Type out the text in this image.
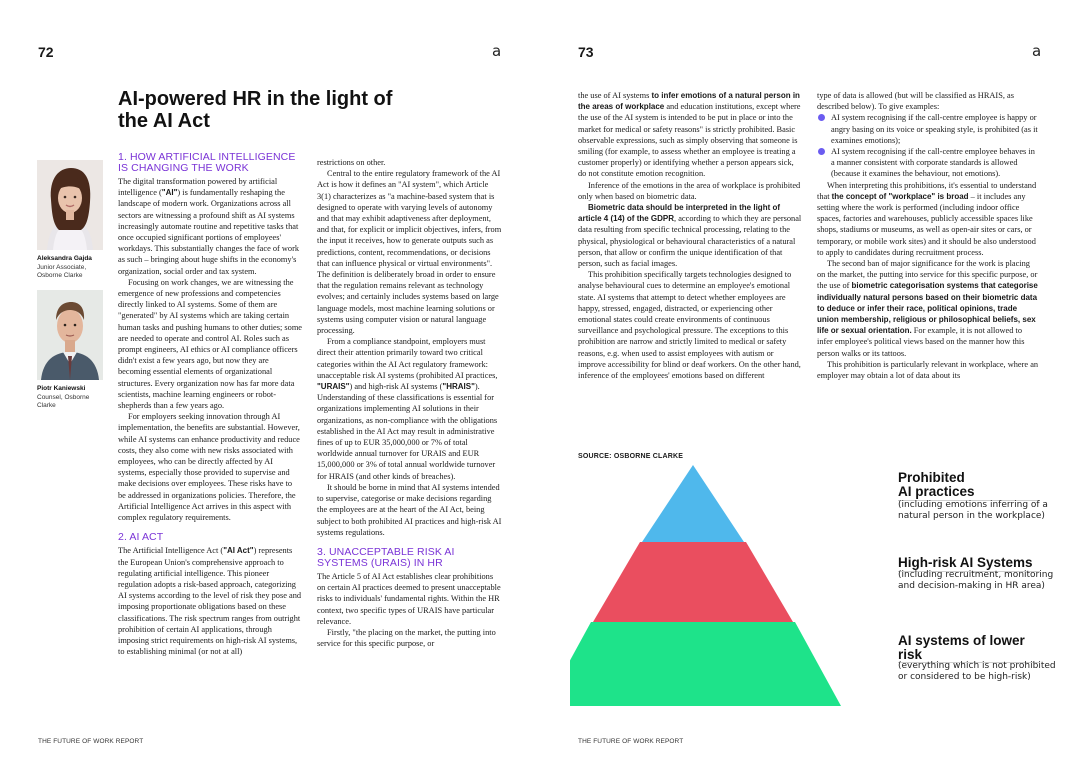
72	a
AI-powered HR in the light of the AI Act
Aleksandra Gajda
Junior Associate,
Osborne Clarke
Piotr Kaniewski
Counsel, Osborne
Clarke
1. HOW ARTIFICIAL INTELLIGENCE IS CHANGING THE WORK

The digital transformation powered by artificial intelligence ("AI") is fundamentally reshaping the landscape of modern work. Organizations across all sectors are witnessing a profound shift as AI systems increasingly automate routine and repetitive tasks that once occupied significant portions of employees' workdays. This substantially changes the face of work as such – bringing about huge shifts in the economy's organization, social order and tax system.

Focusing on work changes, we are witnessing the emergence of new professions and competencies directly linked to AI systems. Some of them are "generated" by AI systems which are taking certain human tasks and pushing humans to other duties; some are needed to operate and control AI. Roles such as prompt engineers, AI ethics or AI compliance officers didn't exist a few years ago, but now they are becoming essential elements of organizational structures. Every organization now has far more data scientists, machine learning engineers or robot-shepherds than a few years ago.

For employers seeking innovation through AI implementation, the benefits are substantial. However, while AI systems can enhance productivity and reduce costs, they also come with new risks associated with employees, who can be directly affected by AI systems, especially those provided to supervise and make decisions over employees. These risks have to be addressed in organizations policies. Therefore, the Artificial Intelligence Act arrives in this aspect with complex regulatory requirements.

2. AI ACT

The Artificial Intelligence Act ("AI Act") represents the European Union's comprehensive approach to regulating artificial intelligence. This pioneer regulation adopts a risk-based approach, categorizing AI systems according to the level of risk they pose and imposing proportionate obligations based on these classifications. The risk spectrum ranges from outright prohibition of certain AI applications, through imposing strict requirements on high-risk AI systems, to establishing minimal (or not at all)

restrictions on other.

Central to the entire regulatory framework of the AI Act is how it defines an "AI system", which Article 3(1) characterizes as "a machine-based system that is designed to operate with varying levels of autonomy and that may exhibit adaptiveness after deployment, and that, for explicit or implicit objectives, infers, from the input it receives, how to generate outputs such as predictions, content, recommendations, or decisions that can influence physical or virtual environments". The definition is deliberately broad in order to ensure that the regulation remains relevant as technology evolves; and certainly includes systems based on large language models, most machine learning solutions or systems using computer vision or natural language processing.

From a compliance standpoint, employers must direct their attention primarily toward two critical categories within the AI Act regulatory framework: unacceptable risk AI systems (prohibited AI practices, "URAIS") and high-risk AI systems ("HRAIS"). Understanding of these classifications is essential for organizations implementing AI solutions in their organizations, as non-compliance with the obligations established in the AI Act may result in administrative fines of up to EUR 35,000,000 or 7% of total worldwide annual turnover for URAIS and EUR 15,000,000 or 3% of total annual worldwide turnover for HRAIS (and other kinds of breaches).

It should be borne in mind that AI systems intended to supervise, categorise or make decisions regarding the employees are at the heart of the AI Act, being subject to both prohibited AI practices and high-risk AI systems regulations.

3. UNACCEPTABLE RISK AI SYSTEMS (URAIS) IN HR

The Article 5 of AI Act establishes clear prohibitions on certain AI practices deemed to present unacceptable risks to individuals' fundamental rights. Within the HR context, two specific types of URAIS have particular relevance.

Firstly, "the placing on the market, the putting into service for this specific purpose, or

THE FUTURE OF WORK REPORT
73	a

the use of AI systems to infer emotions of a natural person in the areas of workplace and education institutions, except where the use of the AI system is intended to be put in place or into the market for medical or safety reasons" is strictly prohibited. Basic observable expressions, such as simply observing that someone is smiling (for example, to assess whether an employee is treating a customer properly) or identifying whether a person appears sick, do not constitute emotion recognition.

Inference of the emotions in the area of workplace is prohibited only when based on biometric data.

Biometric data should be interpreted in the light of article 4 (14) of the GDPR, according to which they are personal data resulting from specific technical processing, relating to the physical, physiological or behavioural characteristics of a natural person, that allow or confirm the unique identification of that person, such as facial images.

This prohibition specifically targets technologies designed to analyse behavioural cues to determine an employee's emotional state. AI systems that attempt to detect whether employees are happy, stressed, engaged, distracted, or experiencing other emotional states could create environments of continuous surveillance and psychological pressure. The exceptions to this prohibition are narrow and strictly limited to medical or safety reasons, e.g. when used to assist employees with autism or improve accessibility for blind or deaf workers. On the other hand, inference of the employees' emotions based on different

type of data is allowed (but will be classified as HRAIS, as described below). To give examples:

AI system recognising if the call-centre employee is happy or angry basing on its voice or speaking style, is prohibited (as it examines emotions);
AI system recognising if the call-centre employee behaves in a manner consistent with corporate standards is allowed (because it examines the behaviour, not emotions).

When interpreting this prohibitions, it's essential to understand that the concept of "workplace" is broad – it includes any setting where the work is performed (including indoor office spaces, factories and warehouses, publicly accessible spaces like shops, stadiums or museums, as well as open-air sites or cars, or temporary, or mobile work sites) and it should be also understood to apply to candidates during recruitment process.

The second ban of major significance for the work is placing on the market, the putting into service for this specific purpose, or the use of biometric categorisation systems that categorise individually natural persons based on their biometric data to deduce or infer their race, political opinions, trade union membership, religious or philosophical beliefs, sex life or sexual orientation. For example, it is not allowed to infer employee's political views based on the manner how this person walks or its tattoos.

This prohibition is particularly relevant in workplace, where an employer may obtain a lot of data about its

SOURCE: OSBORNE CLARKE
Prohibited
AI practices
(including emotions inferring of a natural person in the workplace)
High-risk AI Systems
(including recruitment, monitoring and decision-making in HR area)
AI systems of lower
risk
(everything which is not prohibited or considered to be high-risk)
THE FUTURE OF WORK REPORT
